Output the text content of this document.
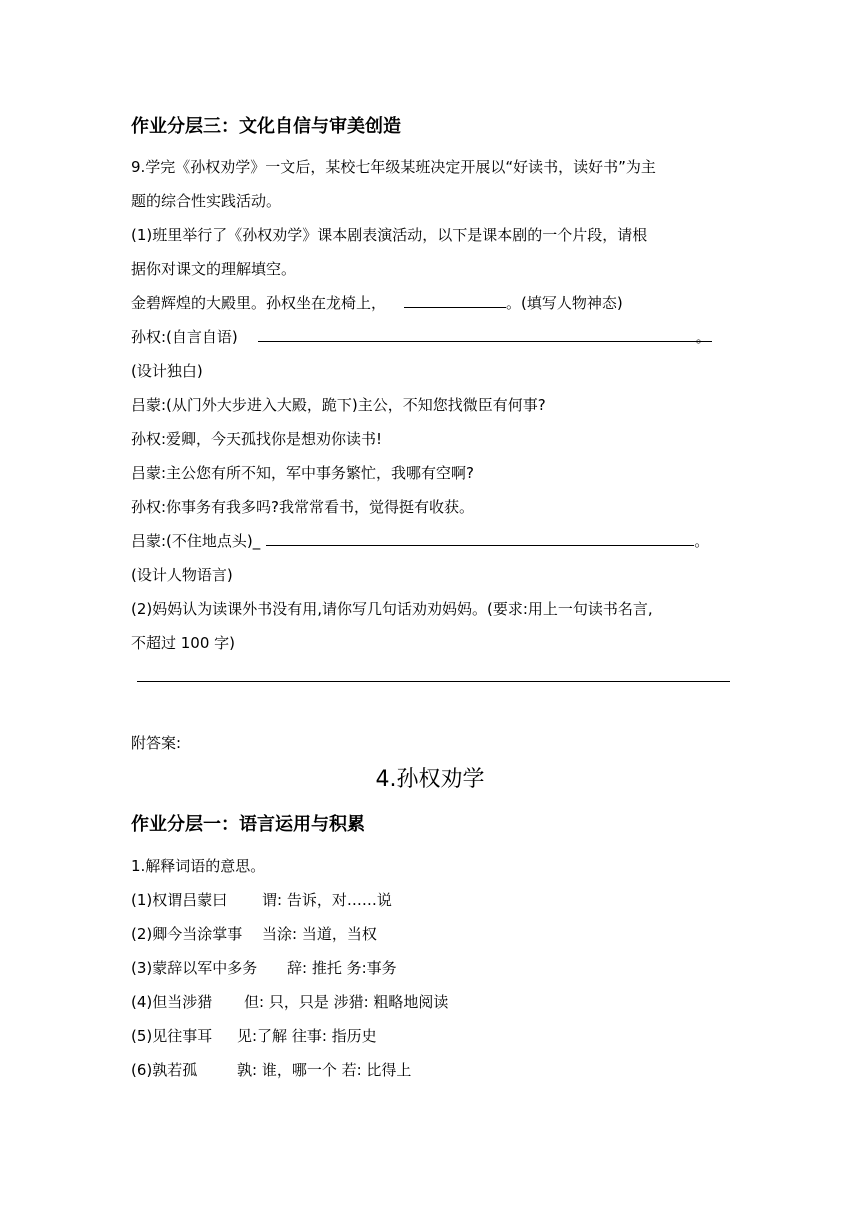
作业分层三：文化自信与审美创造
9.学完《孙权劝学》一文后，某校七年级某班决定开展以“好读书，读好书”为主
题的综合性实践活动。
(1)班里举行了《孙权劝学》课本剧表演活动，以下是课本剧的一个片段，请根
据你对课文的理解填空。
金碧辉煌的大殿里。孙权坐在龙椅上，	。(填写人物神态)
孙权:(自言自语)	。
(设计独白)
吕蒙:(从门外大步进入大殿，跪下)主公，不知您找微臣有何事?
孙权:爱卿，今天孤找你是想劝你读书!
吕蒙:主公您有所不知，军中事务繁忙，我哪有空啊?
孙权:你事务有我多吗?我常常看书，觉得挺有收获。
吕蒙:(不住地点头)_	。
(设计人物语言)
(2)妈妈认为读课外书没有用,请你写几句话劝劝妈妈。(要求:用上一句读书名言,
不超过 100 字)
附答案:
4.孙权劝学
作业分层一：语言运用与积累
1.解释词语的意思。
(1)权谓吕蒙曰 谓: 告诉，对……说
(2)卿今当涂掌事 当涂: 当道，当权
(3)蒙辞以军中多务 辞: 推托 务:事务
(4)但当涉猎 但: 只，只是 涉猎: 粗略地阅读
(5)见往事耳 见:了解 往事: 指历史
(6)孰若孤	孰: 谁，哪一个 若: 比得上
